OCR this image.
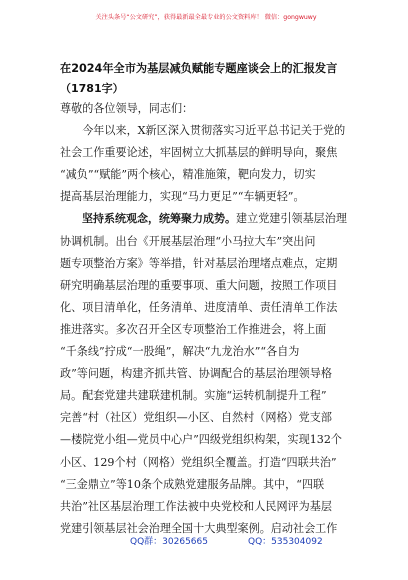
关注头条号“公文研究”，获得最新最全最专业的公文资料库！ 微信：gongwuwy
在2024年全市为基层减负赋能专题座谈会上的汇报发言
（1781字）
尊敬的各位领导，同志们：
　　今年以来，X新区深入贯彻落实习近平总书记关于党的
社会工作重要论述，牢固树立大抓基层的鲜明导向，聚焦
“减负”“赋能”两个核心，精准施策，靶向发力，切实
提高基层治理能力，实现“马力更足”“车辆更轻”。
　　坚持系统观念，统筹聚力成势。建立党建引领基层治理
协调机制。出台《开展基层治理“小马拉大车”突出问
题专项整治方案》等举措，针对基层治理堵点难点，定期
研究明确基层治理的重要事项、重大问题，按照工作项目
化、项目清单化，任务清单、进度清单、责任清单工作法
推进落实。多次召开全区专项整治工作推进会，将上面
“千条线”拧成“一股绳”，解决“九龙治水”“各自为
政”等问题，构建齐抓共管、协调配合的基层治理领导格
局。配套党建共建联建机制。实施“运转机制提升工程”
完善“村（社区）党组织—小区、自然村（网格）党支部
—楼院党小组—党员中心户”四级党组织构架，实现132个
小区、129个村（网格）党组织全覆盖。打造“四联共治”
“三金鼎立”等10条个成熟党建服务品牌。其中，“四联
共治”社区基层治理工作法被中央党校和人民网评为基层
党建引领基层社会治理全国十大典型案例。启动社会工作
QQ群：30265665	QQ：535304092
